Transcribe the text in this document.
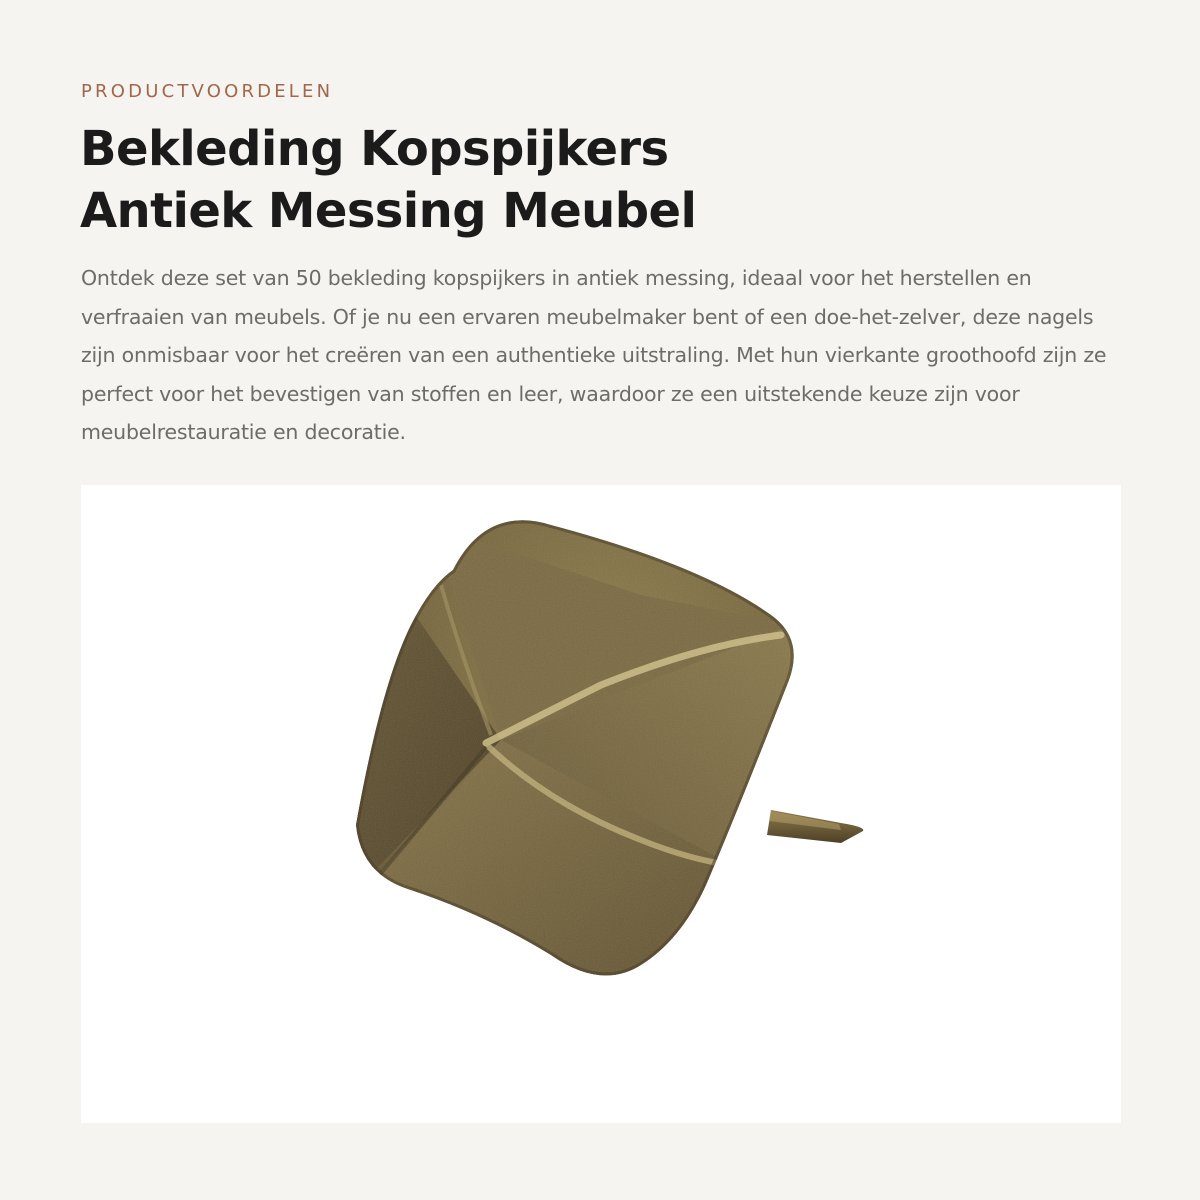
PRODUCTVOORDELEN
Bekleding Kopspijkers
Antiek Messing Meubel

Ontdek deze set van 50 bekleding kopspijkers in antiek messing, ideaal voor het herstellen en verfraaien van meubels. Of je nu een ervaren meubelmaker bent of een doe-het-zelver, deze nagels zijn onmisbaar voor het creëren van een authentieke uitstraling. Met hun vierkante groothoofd zijn ze perfect voor het bevestigen van stoffen en leer, waardoor ze een uitstekende keuze zijn voor meubelrestauratie en decoratie.
